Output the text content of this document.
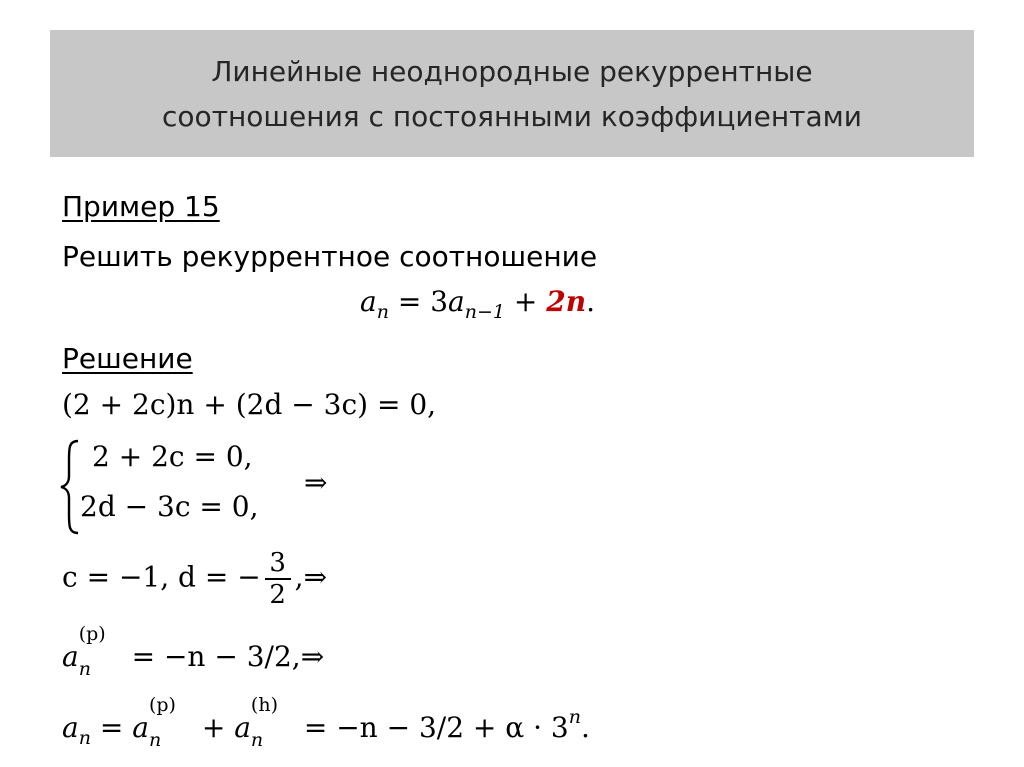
Линейные неоднородные рекуррентные
соотношения с постоянными коэффициентами
Пример 15
Решить рекуррентное соотношение
$a_n = 3a_{n-1} + 2n$.
Решение
(2 + 2c)n + (2d − 3c) = 0,
2 + 2c = 0,
2d − 3c = 0,
⇒
c = −1, d = − $\frac{3}{2}$ ,⇒
a
(p)
n = −n − 3/2,⇒
$a_n = a$
(p)
n + a
(h)
$n = -n - 3/2 + \alpha \cdot 3^n$.
